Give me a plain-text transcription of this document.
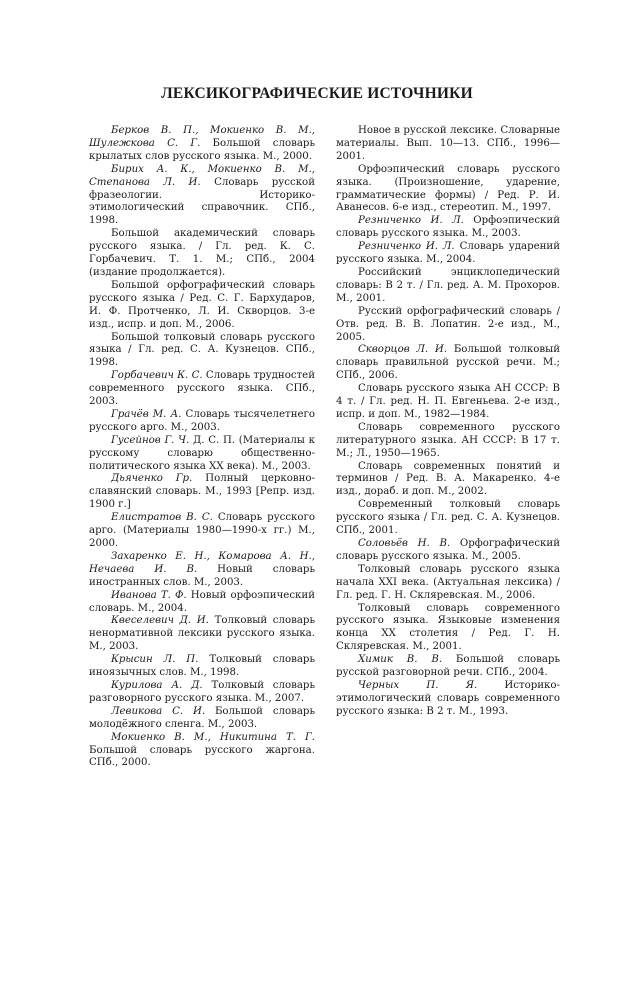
ЛЕКСИКОГРАФИЧЕСКИЕ ИСТОЧНИКИ

Берков В. П., Мокиенко В. М., Шулежкова С. Г. Большой словарь крылатых слов русского языка. М., 2000.

Бирих А. К., Мокиенко В. М., Степанова Л. И. Словарь русской фразеологии. Историко-этимологический справочник. СПб., 1998.

Большой академический словарь русского языка. / Гл. ред. К. С. Горбачевич. Т. 1. М.; СПб., 2004 (издание продолжается).

Большой орфографический словарь русского языка / Ред. С. Г. Бархударов, И. Ф. Протченко, Л. И. Скворцов. 3-е изд., испр. и доп. М., 2006.

Большой толковый словарь русского языка / Гл. ред. С. А. Кузнецов. СПб., 1998.

Горбачевич К. С. Словарь трудностей современного русского языка. СПб., 2003.

Грачёв М. А. Словарь тысячелетнего русского арго. М., 2003.

Гусейнов Г. Ч. Д. С. П. (Материалы к русскому словарю общественно-политического языка XX века). М., 2003.

Дьяченко Гр. Полный церковно-славянский словарь. М., 1993 [Репр. изд. 1900 г.]

Елистратов В. С. Словарь русского арго. (Материалы 1980—1990-х гг.) М., 2000.

Захаренко Е. Н., Комарова А. Н., Нечаева И. В. Новый словарь иностранных слов. М., 2003.

Иванова Т. Ф. Новый орфоэпический словарь. М., 2004.

Квеселевич Д. И. Толковый словарь ненормативной лексики русского языка. М., 2003.

Крысин Л. П. Толковый словарь иноязычных слов. М., 1998.

Курилова А. Д. Толковый словарь разговорного русского языка. М., 2007.

Левикова С. И. Большой словарь молодёжного сленга. М., 2003.

Мокиенко В. М., Никитина Т. Г. Большой словарь русского жаргона. СПб., 2000.

Новое в русской лексике. Словарные материалы. Вып. 10—13. СПб., 1996—2001.

Орфоэпический словарь русского языка. (Произношение, ударение, грамматические формы) / Ред. Р. И. Аванесов. 6-е изд., стереотип. М., 1997.

Резниченко И. Л. Орфоэпический словарь русского языка. М., 2003.

Резниченко И. Л. Словарь ударений русского языка. М., 2004.

Российский энциклопедический словарь: В 2 т. / Гл. ред. А. М. Прохоров. М., 2001.

Русский орфографический словарь / Отв. ред. В. В. Лопатин. 2-е изд., М., 2005.

Скворцов Л. И. Большой толковый словарь правильной русской речи. М.; СПб., 2006.

Словарь русского языка АН СССР: В 4 т. / Гл. ред. Н. П. Евгеньева. 2-е изд., испр. и доп. М., 1982—1984.

Словарь современного русского литературного языка. АН СССР: В 17 т. М.; Л., 1950—1965.

Словарь современных понятий и терминов / Ред. В. А. Макаренко. 4-е изд., дораб. и доп. М., 2002.

Современный толковый словарь русского языка / Гл. ред. С. А. Кузнецов. СПб., 2001.

Соловьёв Н. В. Орфографический словарь русского языка. М., 2005.

Толковый словарь русского языка начала XXI века. (Актуальная лексика) / Гл. ред. Г. Н. Скляревская. М., 2006.

Толковый словарь современного русского языка. Языковые изменения конца XX столетия / Ред. Г. Н. Скляревская. М., 2001.

Химик В. В. Большой словарь русской разговорной речи. СПб., 2004.

Черных П. Я. Историко-этимологический словарь современного русского языка: В 2 т. М., 1993.
